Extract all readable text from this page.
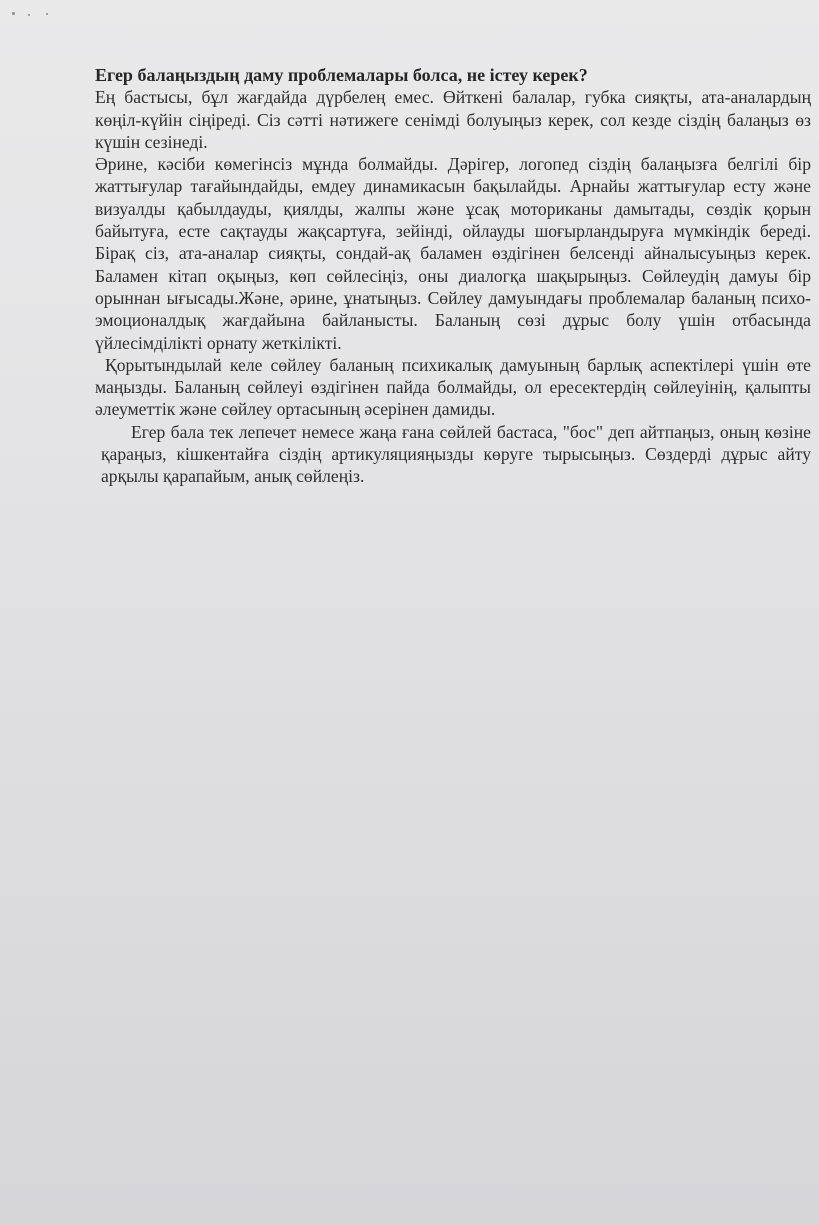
Егер балаңыздың даму проблемалары болса, не істеу керек?

Ең бастысы, бұл жағдайда дүрбелең емес. Өйткені балалар, губка сияқты, ата-аналардың көңіл-күйін сіңіреді. Сіз сәтті нәтижеге сенімді болуыңыз керек, сол кезде сіздің балаңыз өз күшін сезінеді.

Әрине, кәсіби көмегінсіз мұнда болмайды. Дәрігер, логопед сіздің балаңызға белгілі бір жаттығулар тағайындайды, емдеу динамикасын бақылайды. Арнайы жаттығулар есту және визуалды қабылдауды, қиялды, жалпы және ұсақ моториканы дамытады, сөздік қорын байытуға, есте сақтауды жақсартуға, зейінді, ойлауды шоғырландыруға мүмкіндік береді. Бірақ сіз, ата-аналар сияқты, сондай-ақ баламен өздігінен белсенді айналысуыңыз керек. Баламен кітап оқыңыз, көп сөйлесіңіз, оны диалогқа шақырыңыз. Сөйлеудің дамуы бір орыннан ығысады.Және, әрине, ұнатыңыз. Сөйлеу дамуындағы проблемалар баланың психо-эмоционалдық жағдайына байланысты. Баланың сөзі дұрыс болу үшін отбасында үйлесімділікті орнату жеткілікті.

Қорытындылай келе сөйлеу баланың психикалық дамуының барлық аспектілері үшін өте маңызды. Баланың сөйлеуі өздігінен пайда болмайды, ол ересектердің сөйлеуінің, қалыпты әлеуметтік және сөйлеу ортасының әсерінен дамиды.

Егер бала тек лепечет немесе жаңа ғана сөйлей бастаса, "бос" деп айтпаңыз, оның көзіне қараңыз, кішкентайға сіздің артикуляцияңызды көруге тырысыңыз. Сөздерді дұрыс айту арқылы қарапайым, анық сөйлеңіз.
